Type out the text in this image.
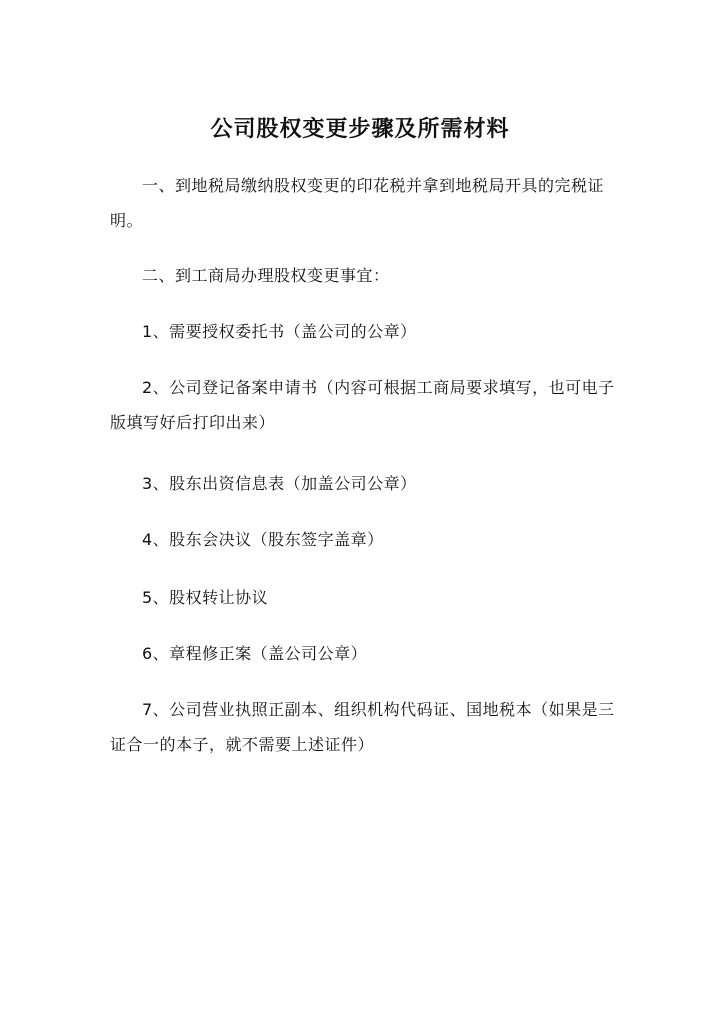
公司股权变更步骤及所需材料

一、到地税局缴纳股权变更的印花税并拿到地税局开具的完税证明。

二、到工商局办理股权变更事宜：

1、需要授权委托书（盖公司的公章）

2、公司登记备案申请书（内容可根据工商局要求填写，也可电子版填写好后打印出来）

3、股东出资信息表（加盖公司公章）

4、股东会决议（股东签字盖章）

5、股权转让协议

6、章程修正案（盖公司公章）

7、公司营业执照正副本、组织机构代码证、国地税本（如果是三证合一的本子，就不需要上述证件）
